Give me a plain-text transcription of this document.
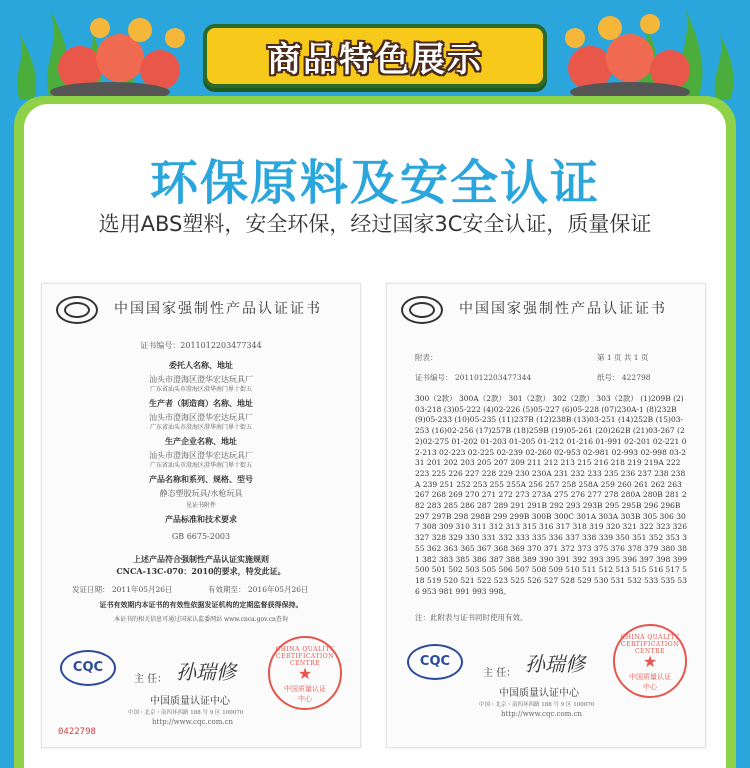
商品特色展示
环保原料及安全认证
选用ABS塑料，安全环保，经过国家3C安全认证，质量保证
中国国家强制性产品认证证书
证书编号：2011012203477344
委托人名称、地址
汕头市澄海区澄华宏达玩具厂
广东省汕头市澄海区澄华南门界十街五
生产者（制造商）名称、地址
汕头市澄海区澄华宏达玩具厂
广东省汕头市澄海区澄华南门界十街五
生产企业名称、地址
汕头市澄海区澄华宏达玩具厂
广东省汕头市澄海区澄华南门界十街五
产品名称和系列、规格、型号
静态塑胶玩具/水枪玩具
见证书附件
产品标准和技术要求
GB 6675-2003
上述产品符合强制性产品认证实施规则
CNCA-13C-070：2010的要求，特发此证。
发证日期： 2011年05月26日	有效期至： 2016年05月26日
证书有效期内本证书的有效性依据发证机构的定期监督获得保持。
本证书的相关信息可通过国家认监委网站 www.cnca.gov.cn查询
CQC
主 任： 孙瑞修
中国质量认证中心
中国・北京・南四环西路 188 号 9 区 100070
http://www.cqc.com.cn
CHINA QUALITY CERTIFICATION CENTRE
★
中国质量认证中心
0422798
中国国家强制性产品认证证书
附表：	第 1 页 共 1 页
证书编号： 2011012203477344	纸号： 422798
300（2款） 300A（2款） 301（2款） 302（2款） 303（2款） (1)209B (2)03-218 (3)05-222 (4)02-226 (5)05-227 (6)05-228 (07)230A-1 (8)232B (9)05-233 (10)05-235 (11)237B (12)238B (13)03-251 (14)252B (15)03-253 (16)02-256 (17)257B (18)259B (19)05-261 (20)262B (21)03-267 (22)02-275 01-202 01-203 01-205 01-212 01-216 01-991 02-201 02-221 02-213 02-223 02-225 02-239 02-260 02-953 02-981 02-993 02-998 03-231 201 202 203 205 207 209 211 212 213 215 216 218 219 219A 222 223 225 226 227 228 229 230 230A 231 232 233 235 236 237 238 238A 239 251 252 253 255 255A 256 257 258 258A 259 260 261 262 263 267 268 269 270 271 272 273 273A 275 276 277 278 280A 280B 281 282 283 285 286 287 289 291 291B 292 293 293B 295 295B 296 296B 297 297B 298 298B 299 299B 300B 300C 301A 303A 303B 305 306 307 308 309 310 311 312 313 315 316 317 318 319 320 321 322 323 326 327 328 329 330 331 332 333 335 336 337 338 339 350 351 352 353 355 362 363 365 367 368 369 370 371 372 373 375 376 378 379 380 381 382 383 385 386 387 388 389 390 391 392 393 395 396 397 398 399 500 501 502 503 505 506 507 508 509 510 511 512 513 515 516 517 518 519 520 521 522 523 525 526 527 528 529 530 531 532 533 535 536 953 981 991 993 998。
注：此附表与证书同时使用有效。
CQC
主 任： 孙瑞修
中国质量认证中心
中国・北京・南四环西路 188 号 9 区 100070
http://www.cqc.com.cn
CHINA QUALITY CERTIFICATION CENTRE
★
中国质量认证中心
